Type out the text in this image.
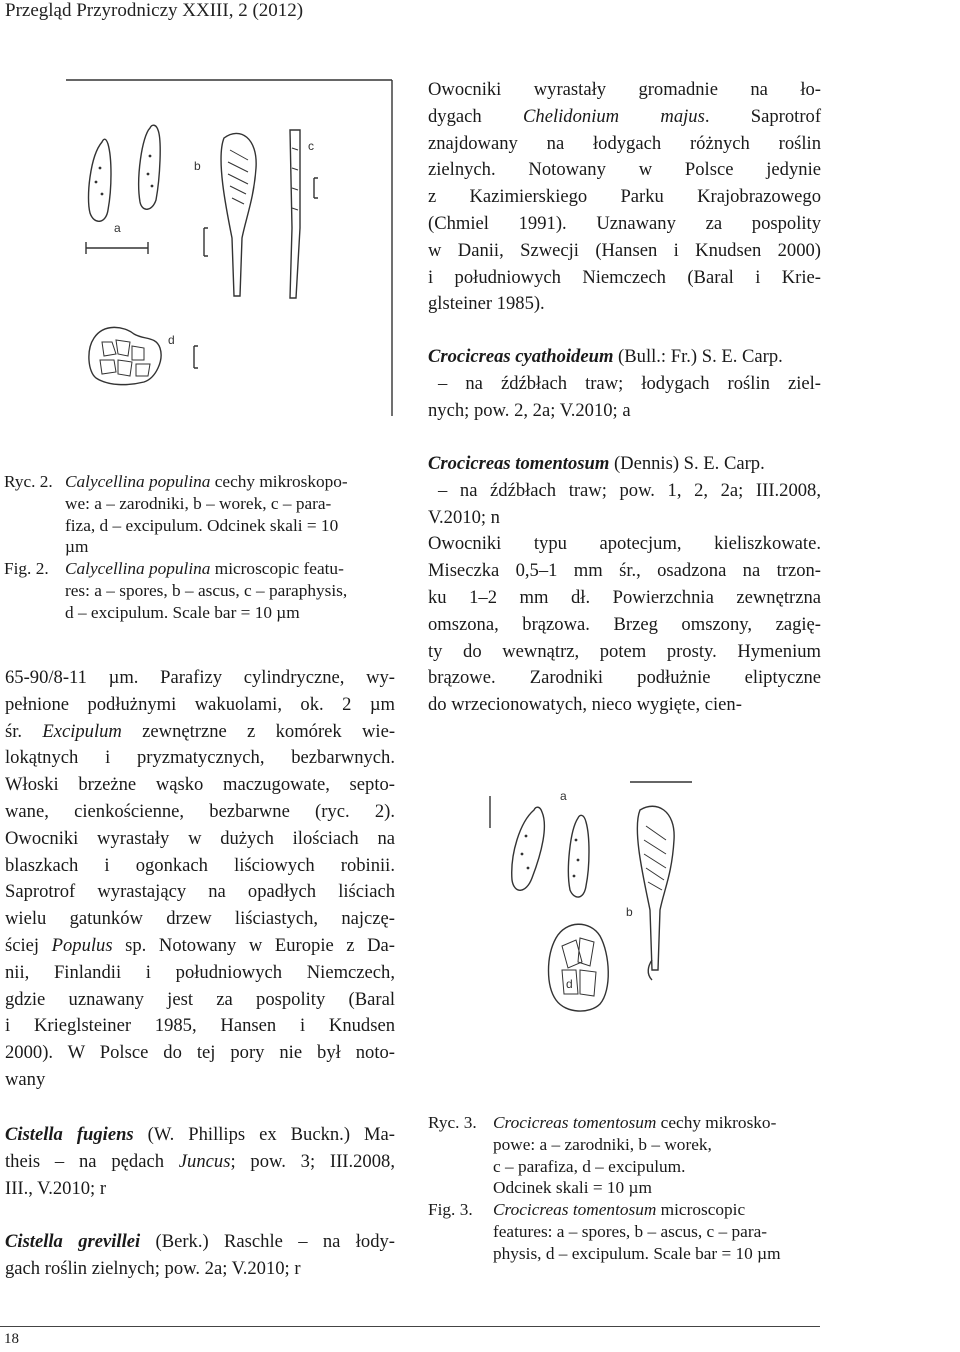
Przegląd Przyrodniczy XXIII, 2 (2012)
a
b
c
d
Ryc. 2. Calycellina populina cechy mikroskopo-
we: a – zarodniki, b – worek, c – para-
fiza, d – excipulum. Odcinek skali = 10
µm
Fig. 2. Calycellina populina microscopic featu-
res: a – spores, b – ascus, c – paraphysis,
d – excipulum. Scale bar = 10 µm

65-90/8-11 µm. Parafizy cylindryczne, wy-
pełnione podłużnymi wakuolami, ok. 2 µm
śr. Excipulum zewnętrzne z komórek wie-
lokątnych i pryzmatycznych, bezbarwnych.
Włoski brzeżne wąsko maczugowate, septo-
wane, cienkościenne, bezbarwne (ryc. 2).
Owocniki wyrastały w dużych ilościach na
blaszkach i ogonkach liściowych robinii.
Saprotrof wyrastający na opadłych liściach
wielu gatunków drzew liściastych, najczę-
ściej Populus sp. Notowany w Europie z Da-
nii, Finlandii i południowych Niemczech,
gdzie uznawany jest za pospolity (Baral
i Krieglsteiner 1985, Hansen i Knudsen
2000). W Polsce do tej pory nie był noto-
wany

Cistella fugiens (W. Phillips ex Buckn.) Ma-
theis – na pędach Juncus; pow. 3; III.2008,
III., V.2010; r

Cistella grevillei (Berk.) Raschle – na łody-
gach roślin zielnych; pow. 2a; V.2010; r

Owocniki wyrastały gromadnie na ło-
dygach Chelidonium majus. Saprotrof
znajdowany na łodygach różnych roślin
zielnych. Notowany w Polsce jedynie
z Kazimierskiego Parku Krajobrazowego
(Chmiel 1991). Uznawany za pospolity
w Danii, Szwecji (Hansen i Knudsen 2000)
i południowych Niemczech (Baral i Krie-
glsteiner 1985).

Crocicreas cyathoideum (Bull.: Fr.) S. E. Carp.
– na źdźbłach traw; łodygach roślin ziel-
nych; pow. 2, 2a; V.2010; a

Crocicreas tomentosum (Dennis) S. E. Carp.
– na źdźbłach traw; pow. 1, 2, 2a; III.2008,
V.2010; n
Owocniki typu apotecjum, kieliszkowate.
Miseczka 0,5–1 mm śr., osadzona na trzon-
ku 1–2 mm dł. Powierzchnia zewnętrzna
omszona, brązowa. Brzeg omszony, zagię-
ty do wewnątrz, potem prosty. Hymenium
brązowe. Zarodniki podłużnie eliptyczne
do wrzecionowatych, nieco wygięte, cien-

a
b
d
Ryc. 3. Crocicreas tomentosum cechy mikrosko-
powe: a – zarodniki, b – worek,
c – parafiza, d – excipulum.
Odcinek skali = 10 µm
Fig. 3. Crocicreas tomentosum microscopic
features: a – spores, b – ascus, c – para-
physis, d – excipulum. Scale bar = 10 µm
18
